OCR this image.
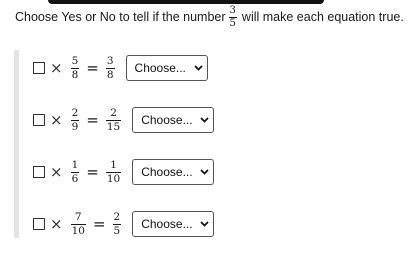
Choose Yes or No to tell if the number $\frac{3}{5}$ will make each equation true.
× $\frac{5}{8} = \frac{3}{8}$ Choose...
× $\frac{2}{9} = \frac{2}{15}$ Choose...
× $\frac{1}{6} = \frac{1}{10}$ Choose...
× $\frac{7}{10} = \frac{2}{5}$ Choose...
